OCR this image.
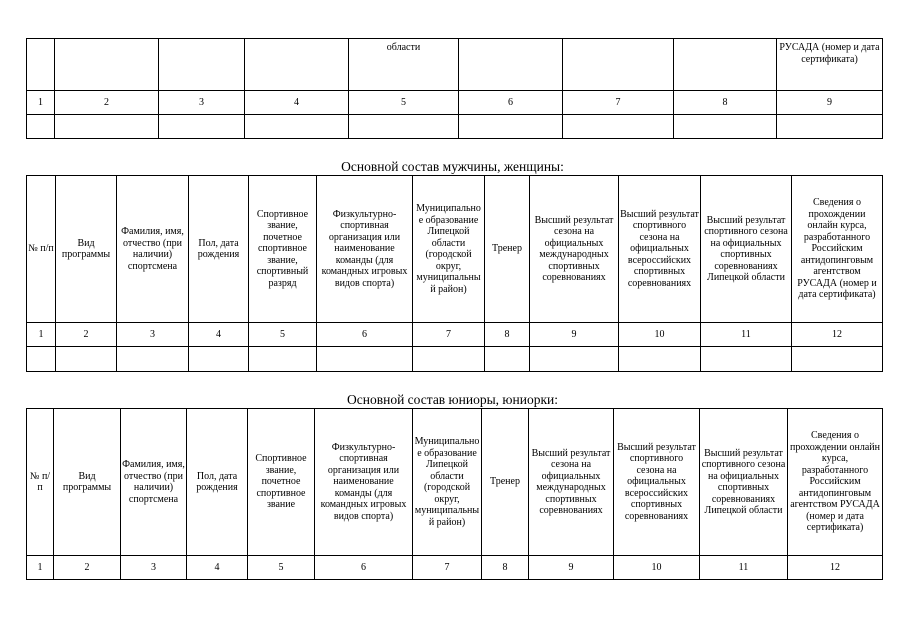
				области				РУСАДА (номер и дата сертификата)
1	2	3	4	5	6	7	8	9

Основной состав мужчины, женщины:
№ п/п	Вид программы	Фамилия, имя, отчество (при наличии) спортсмена	Пол, дата рождения	Спортивное звание, почетное спортивное звание, спортивный разряд	Физкультурно-спортивная организация или наименование команды (для командных игровых видов спорта)	Муниципальное образование Липецкой области (городской округ, муниципальный район)	Тренер	Высший результат сезона на официальных международных спортивных соревнованиях	Высший результат спортивного сезона на официальных всероссийских спортивных соревнованиях	Высший результат спортивного сезона на официальных спортивных соревнованиях Липецкой области	Сведения о прохождении онлайн курса, разработанного Российским антидопинговым агентством РУСАДА (номер и дата сертификата)
1	2	3	4	5	6	7	8	9	10	11	12

Основной состав юниоры, юниорки:
№ п/п	Вид программы	Фамилия, имя, отчество (при наличии) спортсмена	Пол, дата рождения	Спортивное звание, почетное спортивное звание	Физкультурно-спортивная организация или наименование команды (для командных игровых видов спорта)	Муниципальное образование Липецкой области (городской округ, муниципальный район)	Тренер	Высший результат сезона на официальных международных спортивных соревнованиях	Высший результат спортивного сезона на официальных всероссийских спортивных соревнованиях	Высший результат спортивного сезона на официальных спортивных соревнованиях Липецкой области	Сведения о прохождении онлайн курса, разработанного Российским антидопинговым агентством РУСАДА (номер и дата сертификата)
1	2	3	4	5	6	7	8	9	10	11	12
